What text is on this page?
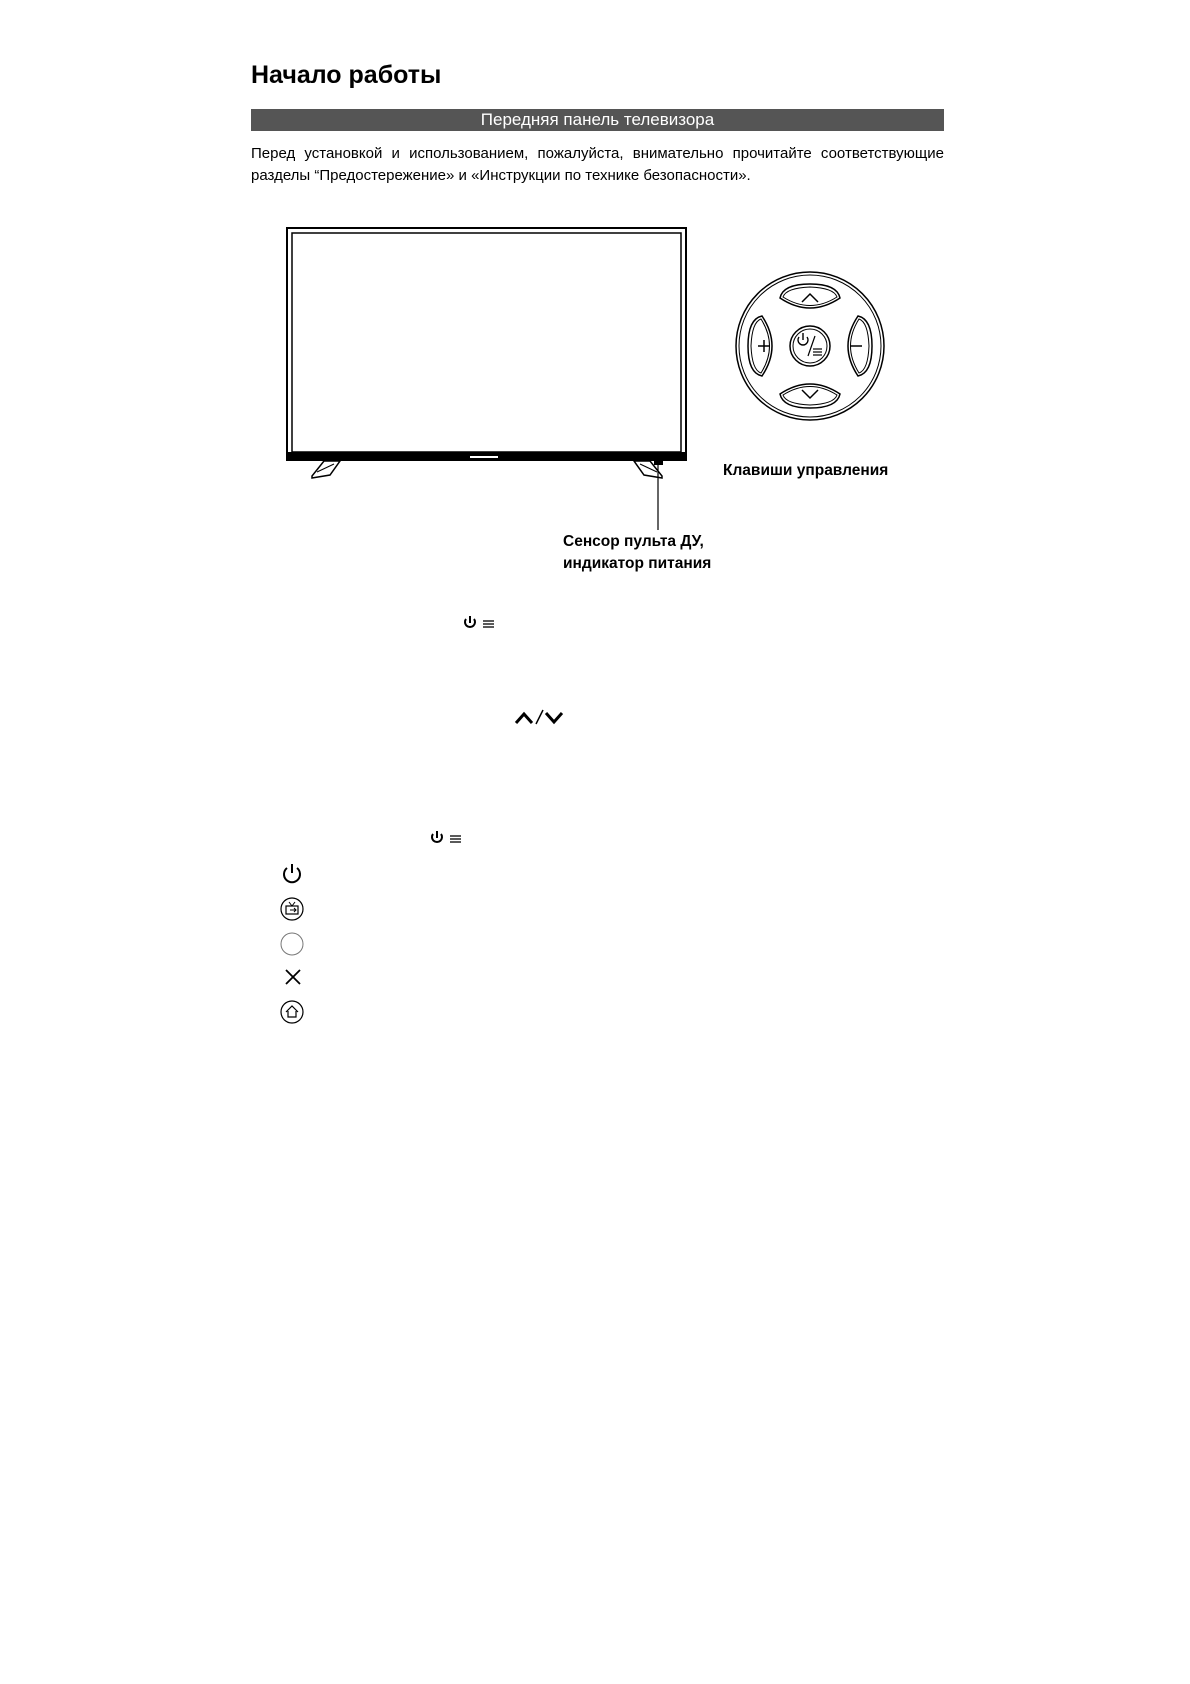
Начало работы
Передняя панель телевизора

Перед установкой и использованием, пожалуйста, внимательно прочитайте соответствующие разделы “Предостережение» и «Инструкции по технике безопасности».

Клавиши управления

Сенсор пульта ДУ,

индикатор питания
